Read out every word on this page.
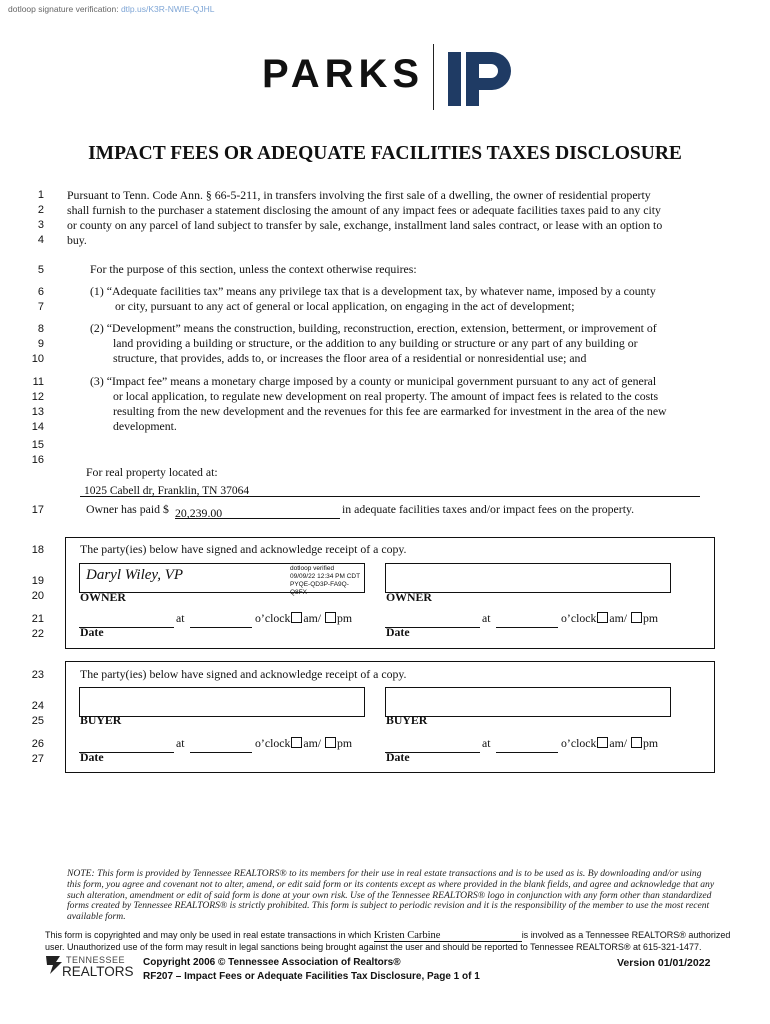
dotloop signature verification: dtlp.us/K3R-NWIE-QJHL
PARKS
IMPACT FEES OR ADEQUATE FACILITIES TAXES DISCLOSURE
1
2
3
4
5
6
7
8
9
10
11
12
13
14
15
16
17
18
19
20
21
22
23
24
25
26
27
Pursuant to Tenn. Code Ann. § 66-5-211, in transfers involving the first sale of a dwelling, the owner of residential property
shall furnish to the purchaser a statement disclosing the amount of any impact fees or adequate facilities taxes paid to any city
or county on any parcel of land subject to transfer by sale, exchange, installment land sales contract, or lease with an option to
buy.
For the purpose of this section, unless the context otherwise requires:
(1) “Adequate facilities tax” means any privilege tax that is a development tax, by whatever name, imposed by a county
or city, pursuant to any act of general or local application, on engaging in the act of development;
(2) “Development” means the construction, building, reconstruction, erection, extension, betterment, or improvement of
land providing a building or structure, or the addition to any building or structure or any part of any building or
structure, that provides, adds to, or increases the floor area of a residential or nonresidential use; and
(3) “Impact fee” means a monetary charge imposed by a county or municipal government pursuant to any act of general
or local application, to regulate new development on real property. The amount of impact fees is related to the costs
resulting from the new development and the revenues for this fee are earmarked for investment in the area of the new
development.
For real property located at:
1025 Cabell dr, Franklin, TN 37064
Owner has paid $ 20,239.00	in adequate facilities taxes and/or impact fees on the property.
The party(ies) below have signed and acknowledge receipt of a copy.
Daryl Wiley, VP	dotloop verified
09/09/22 12:34 PM CDT
PYQE-QD3P-FA9Q-Q8FX
OWNER	OWNER
at	o’clock am/ pm
Date
at	o’clock am/ pm
Date
The party(ies) below have signed and acknowledge receipt of a copy.
BUYER	BUYER
at	o’clock am/ pm
Date
at	o’clock am/ pm
Date
NOTE: This form is provided by Tennessee REALTORS® to its members for their use in real estate transactions and is to be used as is. By downloading and/or using this form, you agree and covenant not to alter, amend, or edit said form or its contents except as where provided in the blank fields, and agree and acknowledge that any such alteration, amendment or edit of said form is done at your own risk. Use of the Tennessee REALTORS® logo in conjunction with any form other than standardized forms created by Tennessee REALTORS® is strictly prohibited. This form is subject to periodic revision and it is the responsibility of the member to use the most recent available form.
This form is copyrighted and may only be used in real estate transactions in which Kristen Carbine	is involved as a Tennessee REALTORS® authorized
user. Unauthorized use of the form may result in legal sanctions being brought against the user and should be reported to Tennessee REALTORS® at 615-321-1477.
TENNESSEE
REALTORS
Copyright 2006 © Tennessee Association of Realtors®
RF207 – Impact Fees or Adequate Facilities Tax Disclosure, Page 1 of 1
Version 01/01/2022
